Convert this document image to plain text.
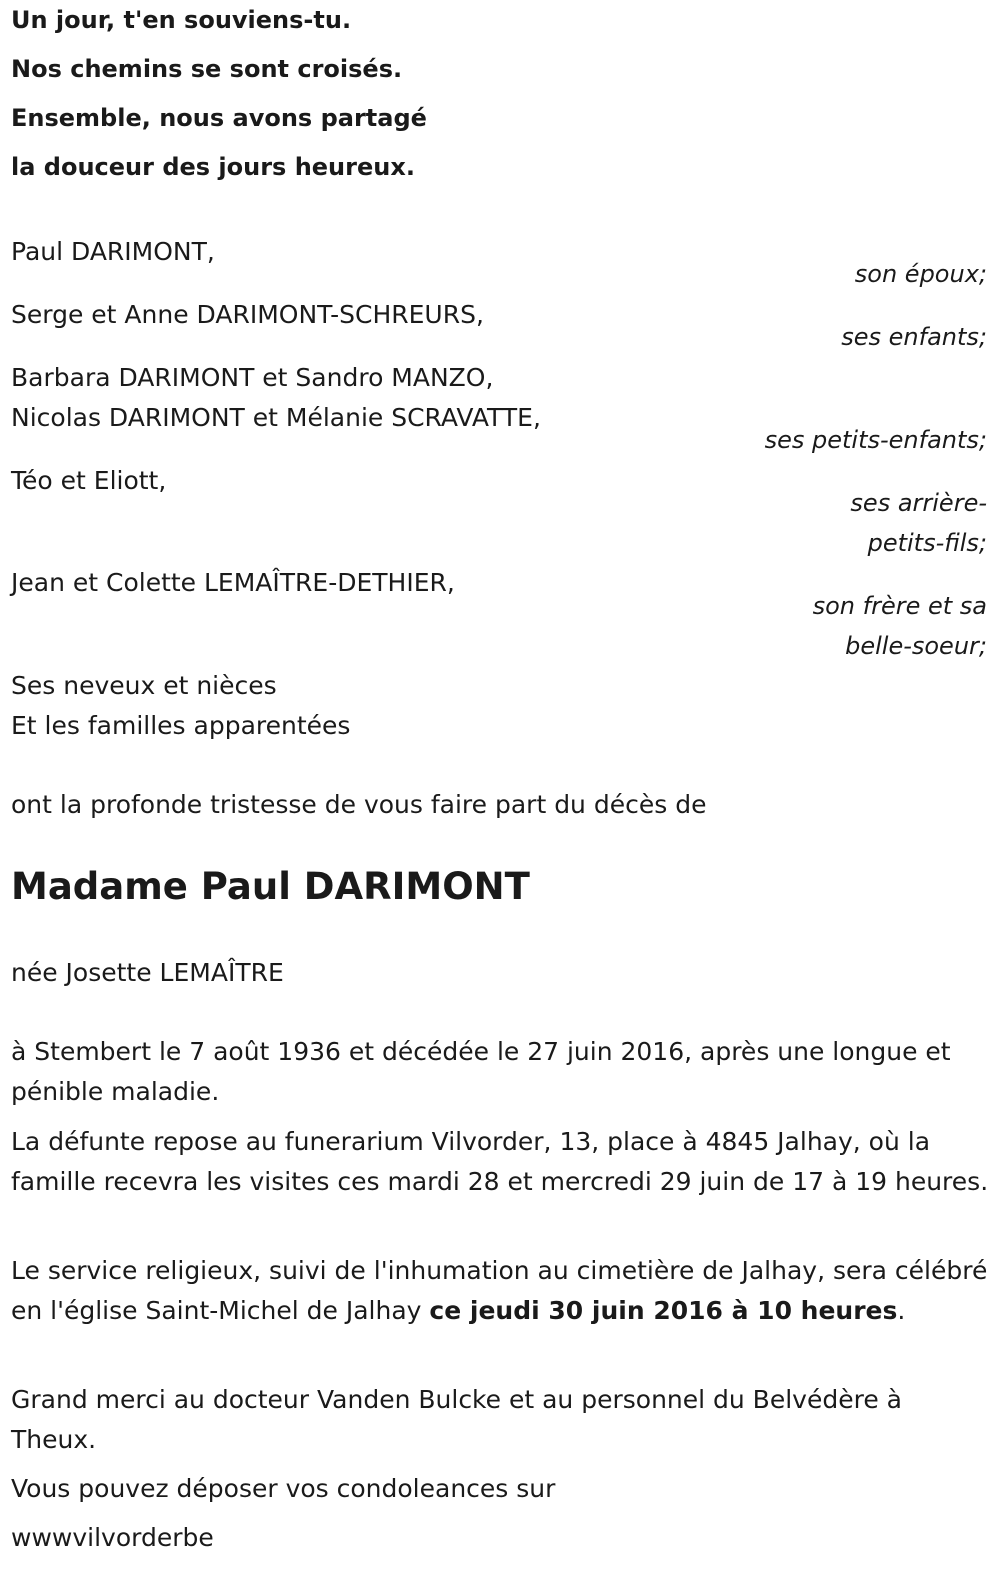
Un jour, t'en souviens-tu.
Nos chemins se sont croisés.
Ensemble, nous avons partagé
la douceur des jours heureux.
Paul DARIMONT,
son époux;
Serge et Anne DARIMONT-SCHREURS,
ses enfants;
Barbara DARIMONT et Sandro MANZO,
Nicolas DARIMONT et Mélanie SCRAVATTE,
ses petits-enfants;
Téo et Eliott,
ses arrière-
petits-fils;
Jean et Colette LEMAÎTRE-DETHIER,
son frère et sa
belle-soeur;
Ses neveux et nièces
Et les familles apparentées
ont la profonde tristesse de vous faire part du décès de
Madame Paul DARIMONT
née Josette LEMAÎTRE
à Stembert le 7 août 1936 et décédée le 27 juin 2016, après une longue et pénible maladie.
La défunte repose au funerarium Vilvorder, 13, place à 4845 Jalhay, où la famille recevra les visites ces mardi 28 et mercredi 29 juin de 17 à 19 heures.
Le service religieux, suivi de l'inhumation au cimetière de Jalhay, sera célébré en l'église Saint-Michel de Jalhay ce jeudi 30 juin 2016 à 10 heures.
Grand merci au docteur Vanden Bulcke et au personnel du Belvédère à Theux.
Vous pouvez déposer vos condoleances sur
wwwvilvorderbe
